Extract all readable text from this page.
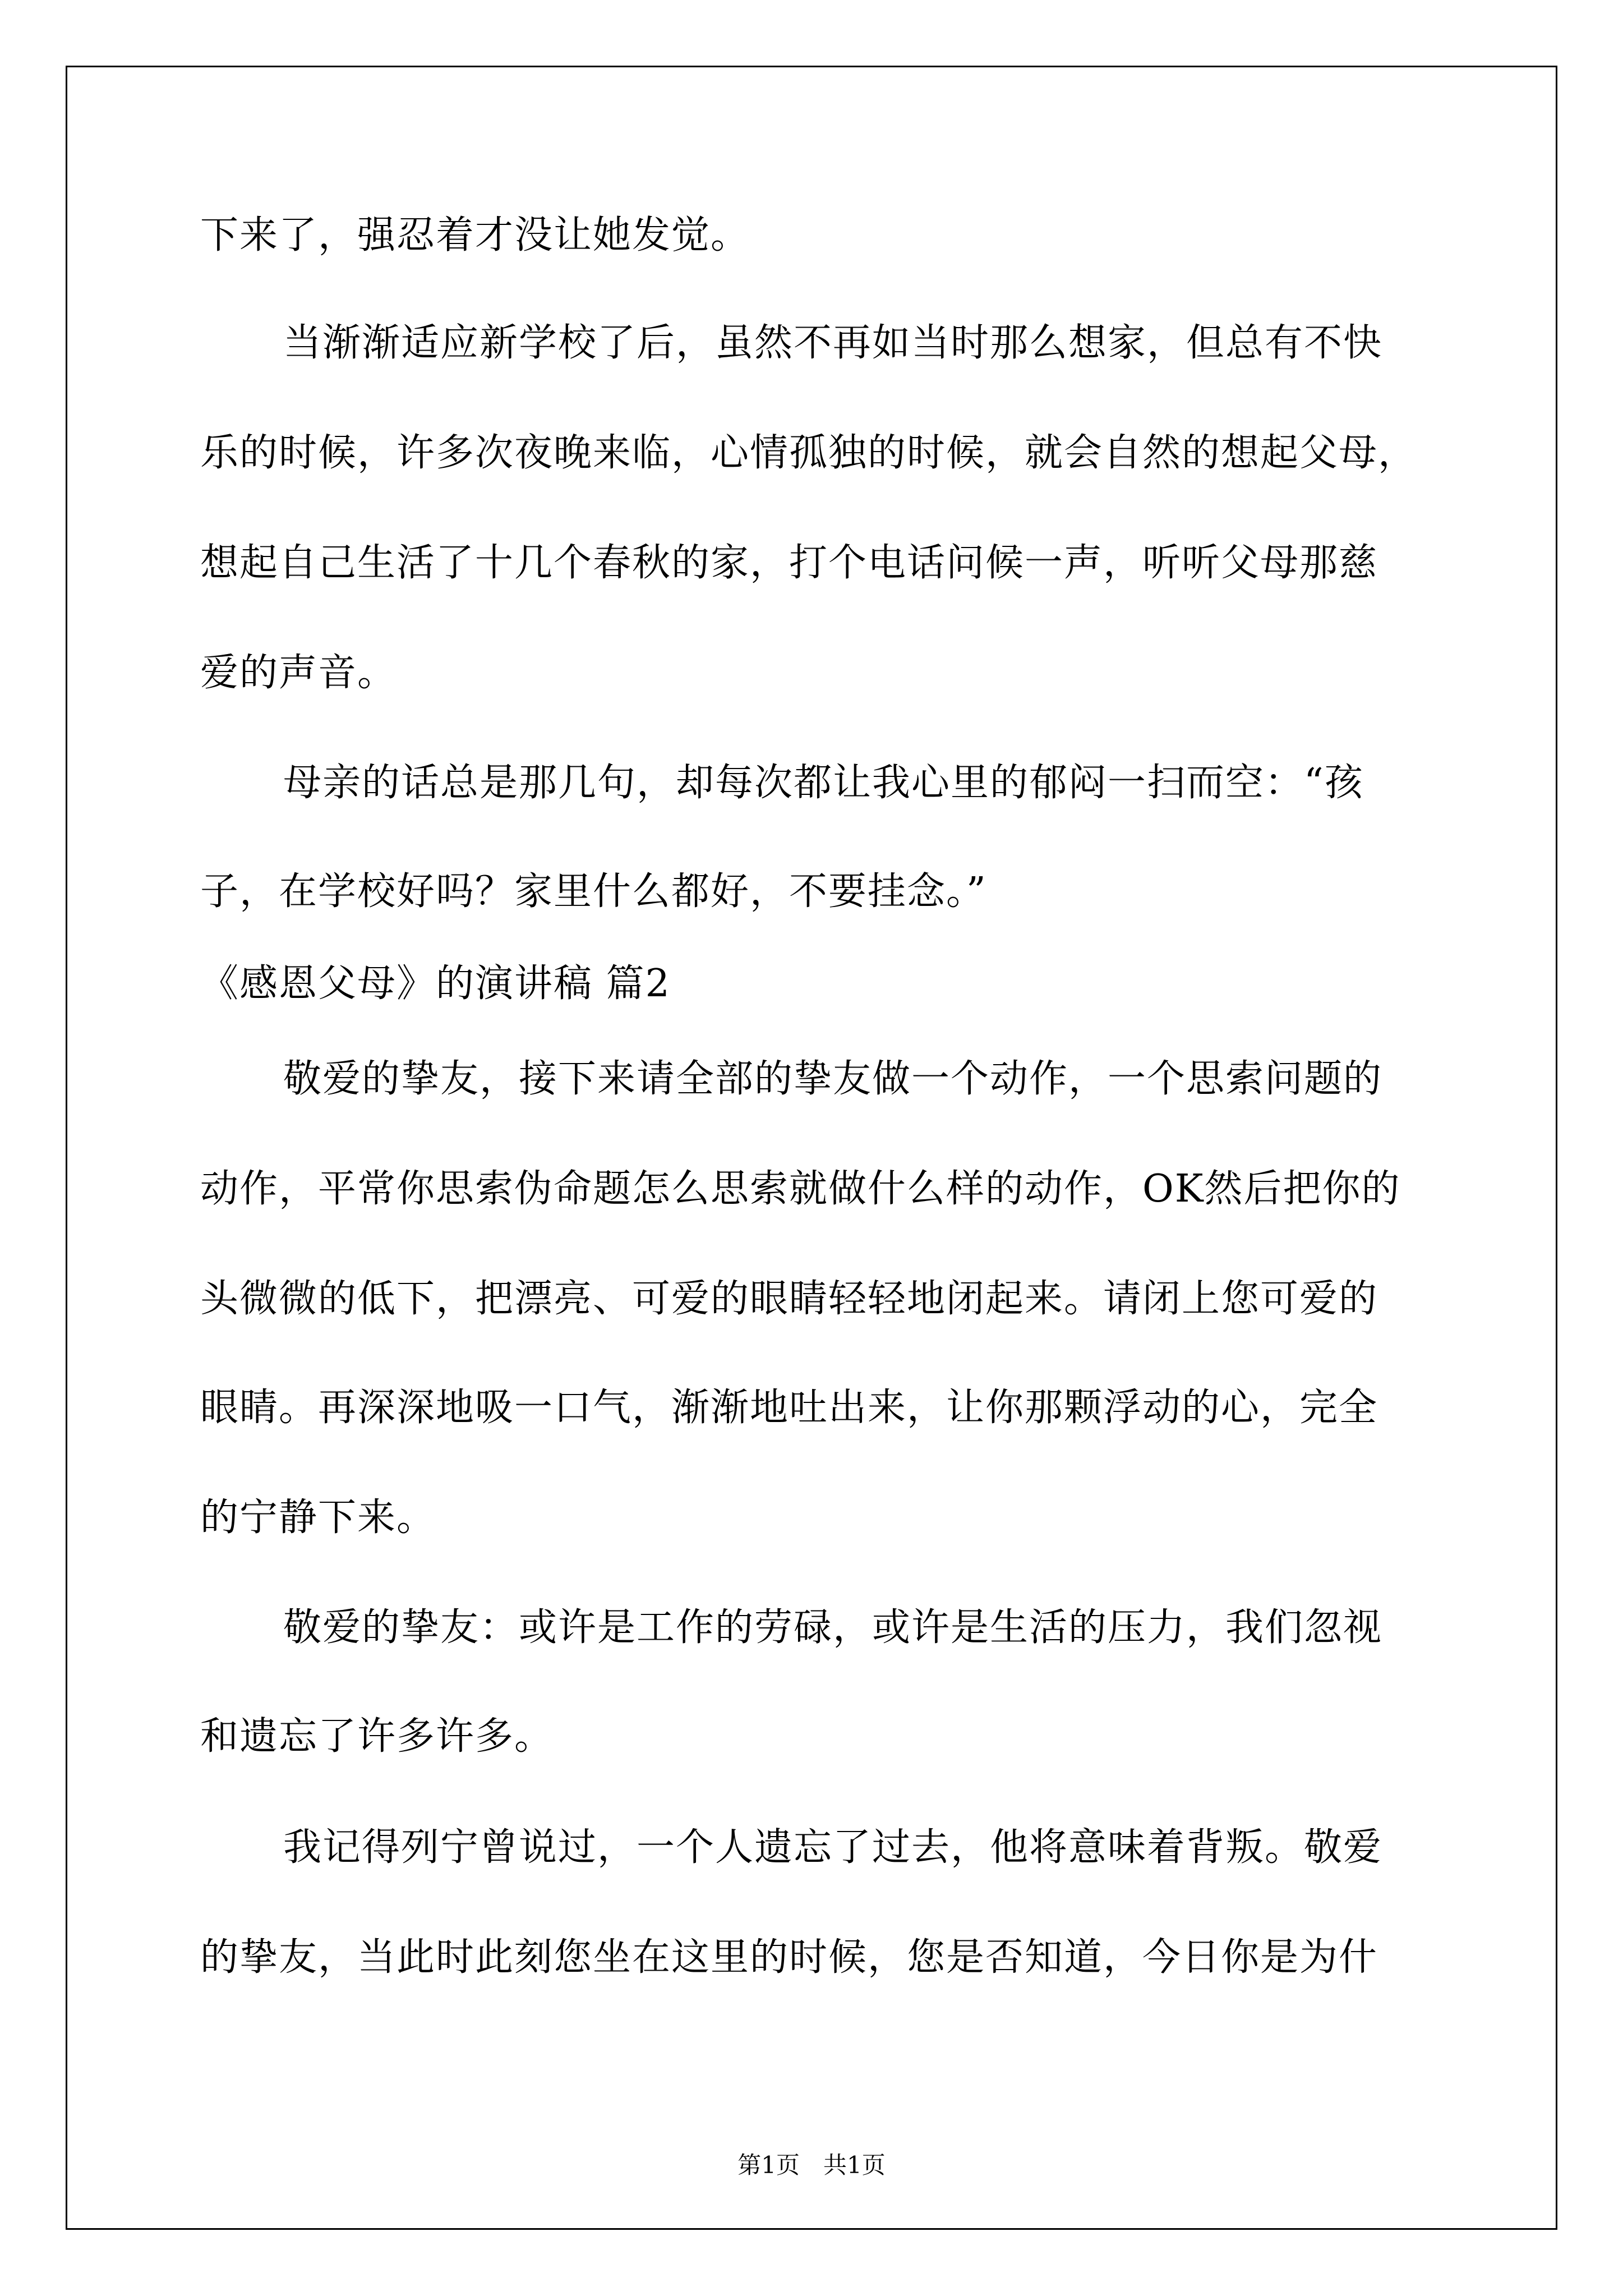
下来了，强忍着才没让她发觉。
当渐渐适应新学校了后，虽然不再如当时那么想家，但总有不快
乐的时候，许多次夜晚来临，心情孤独的时候，就会自然的想起父母，
想起自己生活了十几个春秋的家，打个电话问候一声，听听父母那慈
爱的声音。
母亲的话总是那几句，却每次都让我心里的郁闷一扫而空：“孩
子，在学校好吗？家里什么都好，不要挂念。”
《感恩父母》的演讲稿 篇2
敬爱的挚友，接下来请全部的挚友做一个动作，一个思索问题的
动作，平常你思索伪命题怎么思索就做什么样的动作，OK然后把你的
头微微的低下，把漂亮、可爱的眼睛轻轻地闭起来。请闭上您可爱的
眼睛。再深深地吸一口气，渐渐地吐出来，让你那颗浮动的心，完全
的宁静下来。
敬爱的挚友：或许是工作的劳碌，或许是生活的压力，我们忽视
和遗忘了许多许多。
我记得列宁曾说过，一个人遗忘了过去，他将意味着背叛。敬爱
的挚友，当此时此刻您坐在这里的时候，您是否知道，今日你是为什
第1页　共1页
